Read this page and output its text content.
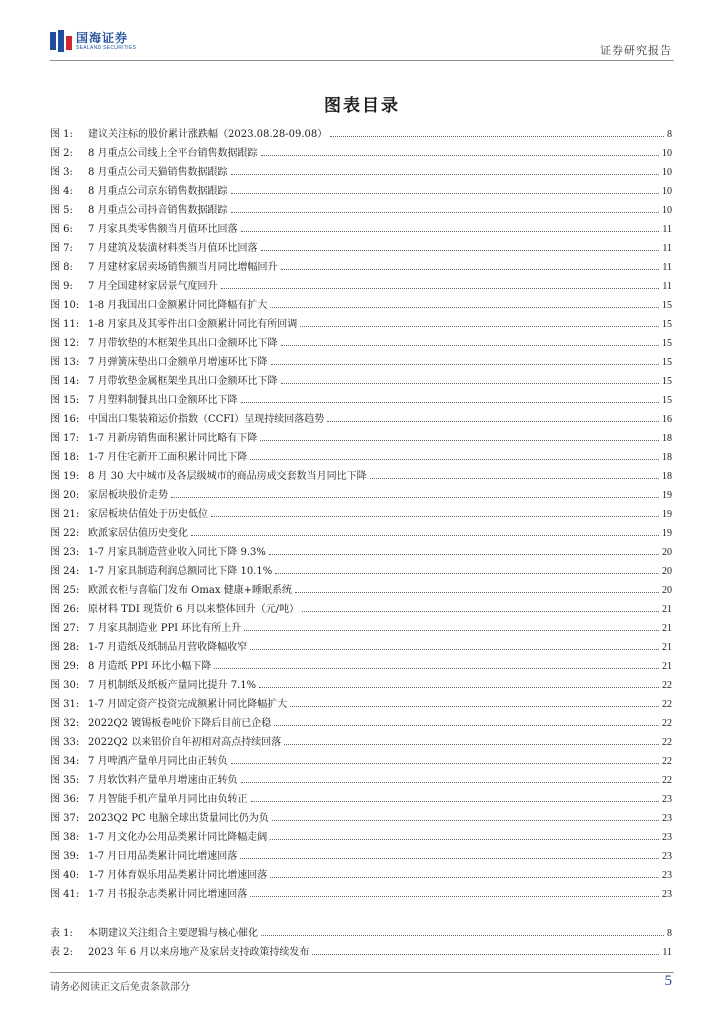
国海证券
SEALAND SECURITIES	证券研究报告
图表目录
图 1:	建议关注标的股价累计涨跌幅（2023.08.28-09.08）	8
图 2:	8 月重点公司线上全平台销售数据跟踪	10
图 3:	8 月重点公司天猫销售数据跟踪	10
图 4:	8 月重点公司京东销售数据跟踪	10
图 5:	8 月重点公司抖音销售数据跟踪	10
图 6:	7 月家具类零售额当月值环比回落	11
图 7:	7 月建筑及装潢材料类当月值环比回落	11
图 8:	7 月建材家居卖场销售额当月同比增幅回升	11
图 9:	7 月全国建材家居景气度回升	11
图 10: 1-8 月我国出口金额累计同比降幅有扩大	15
图 11: 1-8 月家具及其零件出口金额累计同比有所回调	15
图 12: 7 月带软垫的木框架坐具出口金额环比下降	15
图 13: 7 月弹簧床垫出口金额单月增速环比下降	15
图 14: 7 月带软垫金属框架坐具出口金额环比下降	15
图 15: 7 月塑料制餐具出口金额环比下降	15
图 16: 中国出口集装箱运价指数（CCFI）呈现持续回落趋势	16
图 17: 1-7 月新房销售面积累计同比略有下降	18
图 18: 1-7 月住宅新开工面积累计同比下降	18
图 19: 8 月 30 大中城市及各层级城市的商品房成交套数当月同比下降	18
图 20: 家居板块股价走势	19
图 21: 家居板块估值处于历史低位	19
图 22: 欧派家居估值历史变化	19
图 23: 1-7 月家具制造营业收入同比下降 9.3%	20
图 24: 1-7 月家具制造利润总额同比下降 10.1%	20
图 25: 欧派衣柜与喜临门发布 Omax 健康+睡眠系统	20
图 26: 原材料 TDI 现货价 6 月以来整体回升（元/吨）	21
图 27: 7 月家具制造业 PPI 环比有所上升	21
图 28: 1-7 月造纸及纸制品月营收降幅收窄	21
图 29: 8 月造纸 PPI 环比小幅下降	21
图 30: 7 月机制纸及纸板产量同比提升 7.1%	22
图 31: 1-7 月固定资产投资完成额累计同比降幅扩大	22
图 32: 2022Q2 镀锡板卷吨价下降后目前已企稳	22
图 33: 2022Q2 以来铝价自年初相对高点持续回落	22
图 34: 7 月啤酒产量单月同比由正转负	22
图 35: 7 月软饮料产量单月增速由正转负	22
图 36: 7 月智能手机产量单月同比由负转正	23
图 37: 2023Q2 PC 电脑全球出货量同比仍为负	23
图 38: 1-7 月文化办公用品类累计同比降幅走阔	23
图 39: 1-7 月日用品类累计同比增速回落	23
图 40: 1-7 月体育娱乐用品类累计同比增速回落	23
图 41: 1-7 月书报杂志类累计同比增速回落	23
表 1:	本期建议关注组合主要逻辑与核心催化	8
表 2:	2023 年 6 月以来房地产及家居支持政策持续发布	11
请务必阅读正文后免责条款部分	5
